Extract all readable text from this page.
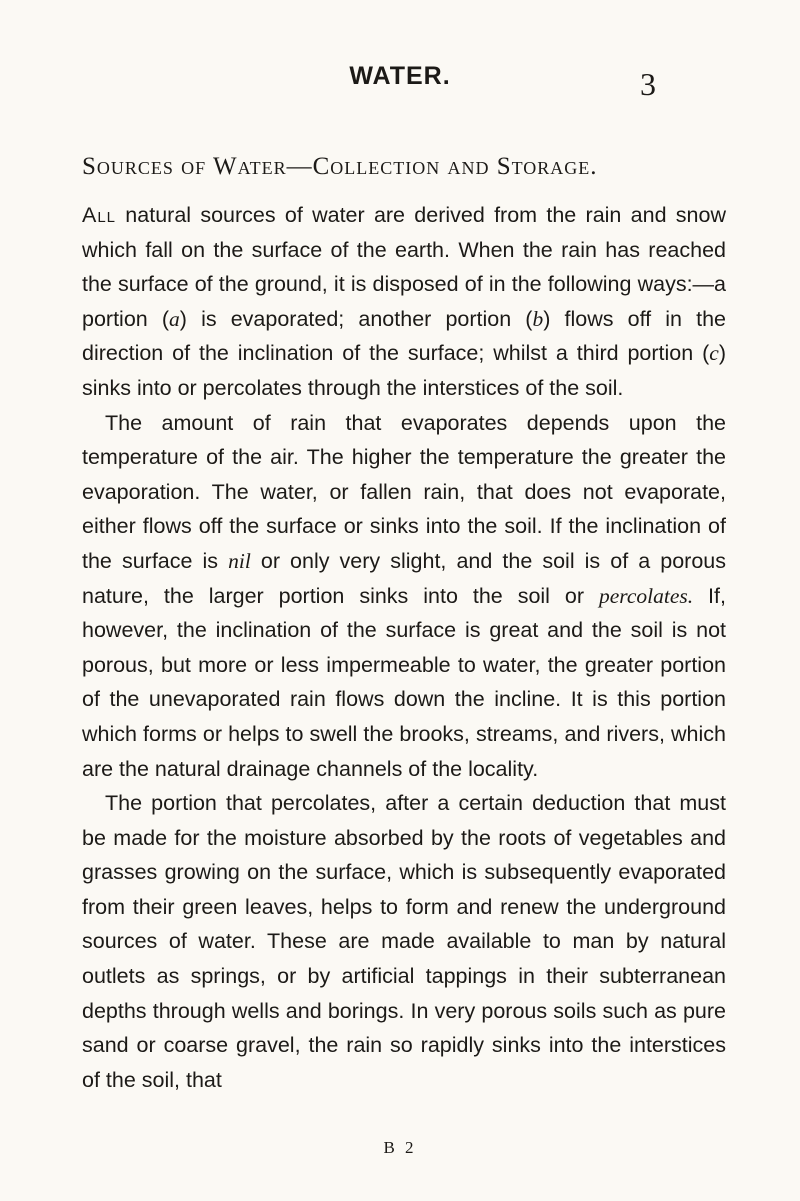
WATER.	3
Sources of Water—Collection and Storage.

All natural sources of water are derived from the rain and snow which fall on the surface of the earth. When the rain has reached the surface of the ground, it is disposed of in the following ways:—a portion (a) is evaporated; another portion (b) flows off in the direction of the inclination of the surface; whilst a third portion (c) sinks into or percolates through the interstices of the soil.

The amount of rain that evaporates depends upon the temperature of the air. The higher the temperature the greater the evaporation. The water, or fallen rain, that does not evaporate, either flows off the surface or sinks into the soil. If the inclination of the surface is nil or only very slight, and the soil is of a porous nature, the larger portion sinks into the soil or percolates. If, however, the inclination of the surface is great and the soil is not porous, but more or less impermeable to water, the greater portion of the unevaporated rain flows down the incline. It is this portion which forms or helps to swell the brooks, streams, and rivers, which are the natural drainage channels of the locality.

The portion that percolates, after a certain deduction that must be made for the moisture absorbed by the roots of vegetables and grasses growing on the surface, which is subsequently evaporated from their green leaves, helps to form and renew the underground sources of water. These are made available to man by natural outlets as springs, or by artificial tappings in their subterranean depths through wells and borings. In very porous soils such as pure sand or coarse gravel, the rain so rapidly sinks into the interstices of the soil, that

B 2
